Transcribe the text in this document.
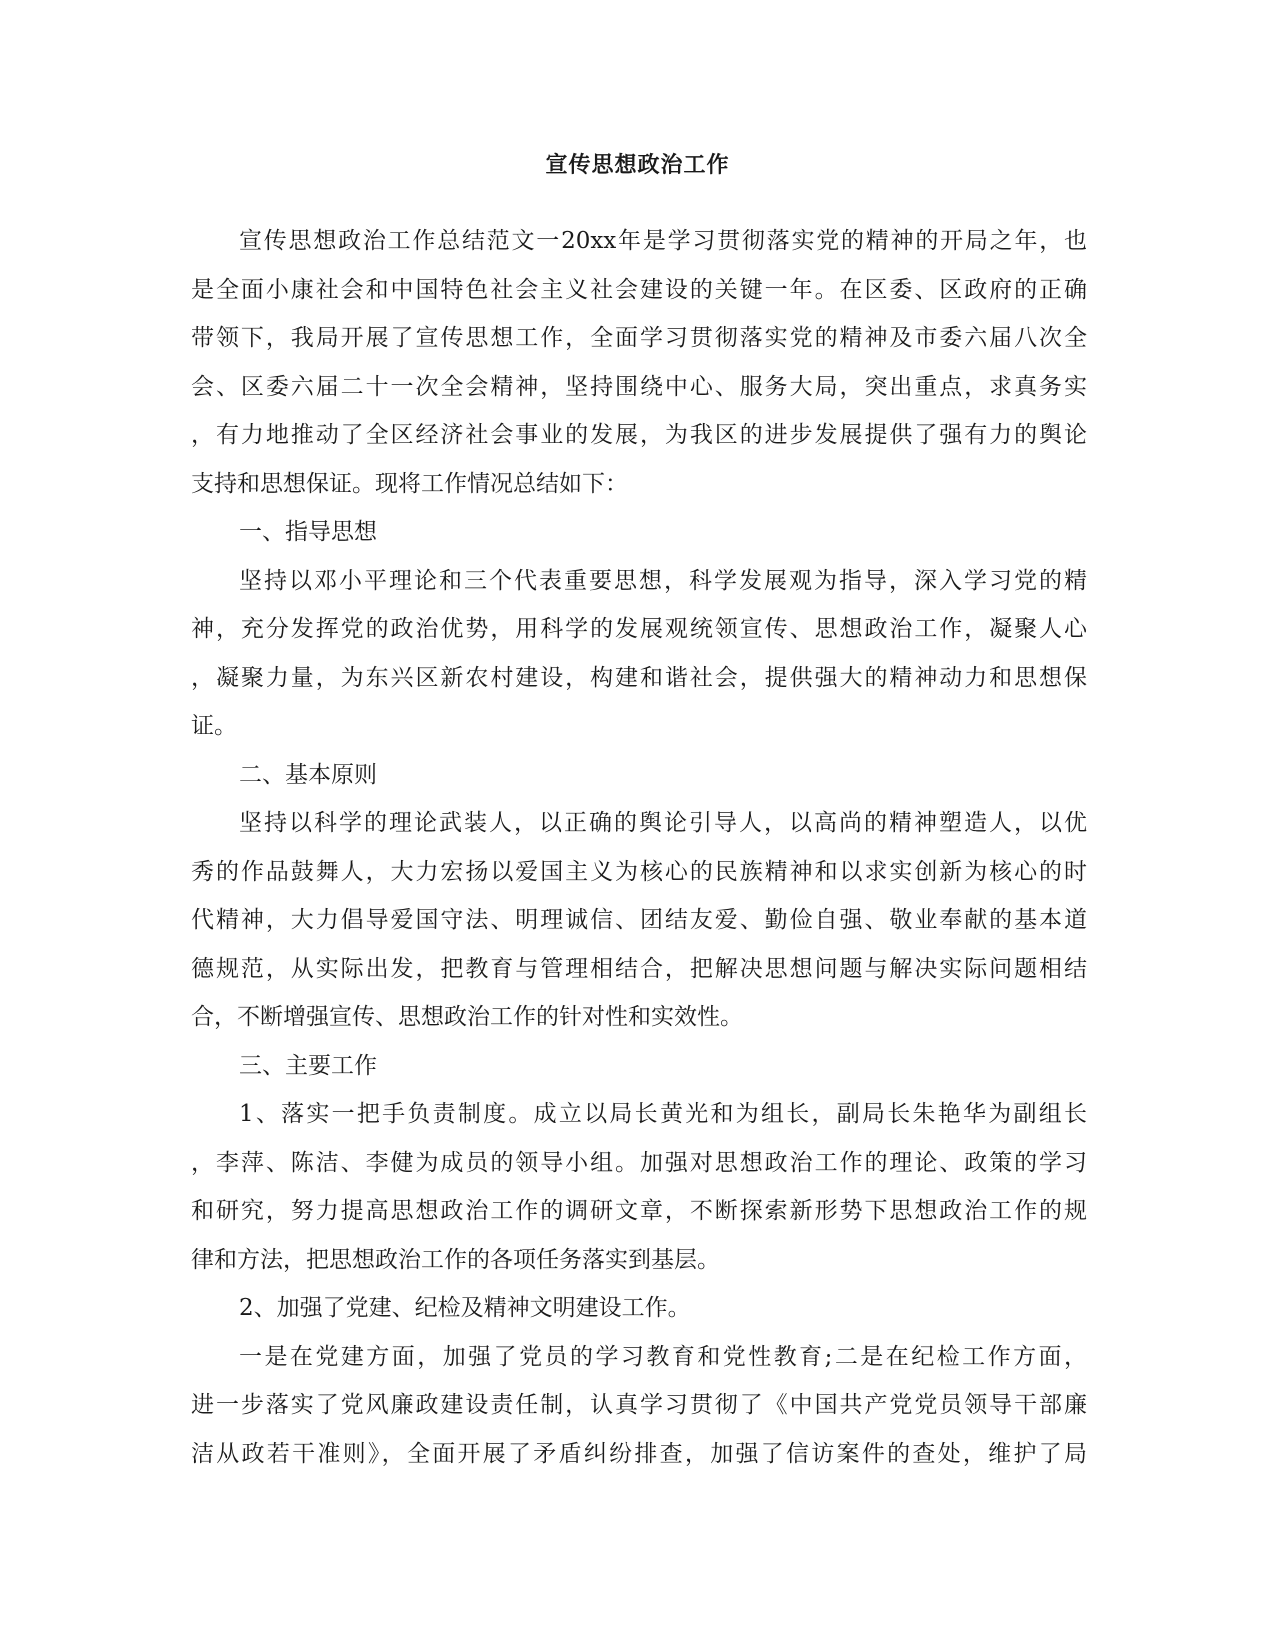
宣传思想政治工作
宣传思想政治工作总结范文一20xx年是学习贯彻落实党的精神的开局之年，也
是全面小康社会和中国特色社会主义社会建设的关键一年。在区委、区政府的正确
带领下，我局开展了宣传思想工作，全面学习贯彻落实党的精神及市委六届八次全
会、区委六届二十一次全会精神，坚持围绕中心、服务大局，突出重点，求真务实
，有力地推动了全区经济社会事业的发展，为我区的进步发展提供了强有力的舆论
支持和思想保证。现将工作情况总结如下：
一、指导思想
坚持以邓小平理论和三个代表重要思想，科学发展观为指导，深入学习党的精
神，充分发挥党的政治优势，用科学的发展观统领宣传、思想政治工作，凝聚人心
，凝聚力量，为东兴区新农村建设，构建和谐社会，提供强大的精神动力和思想保
证。
二、基本原则
坚持以科学的理论武装人，以正确的舆论引导人，以高尚的精神塑造人，以优
秀的作品鼓舞人，大力宏扬以爱国主义为核心的民族精神和以求实创新为核心的时
代精神，大力倡导爱国守法、明理诚信、团结友爱、勤俭自强、敬业奉献的基本道
德规范，从实际出发，把教育与管理相结合，把解决思想问题与解决实际问题相结
合，不断增强宣传、思想政治工作的针对性和实效性。
三、主要工作
1、落实一把手负责制度。成立以局长黄光和为组长，副局长朱艳华为副组长
，李萍、陈洁、李健为成员的领导小组。加强对思想政治工作的理论、政策的学习
和研究，努力提高思想政治工作的调研文章，不断探索新形势下思想政治工作的规
律和方法，把思想政治工作的各项任务落实到基层。
2、加强了党建、纪检及精神文明建设工作。
一是在党建方面，加强了党员的学习教育和党性教育;二是在纪检工作方面，
进一步落实了党风廉政建设责任制，认真学习贯彻了《中国共产党党员领导干部廉
洁从政若干准则》，全面开展了矛盾纠纷排查，加强了信访案件的查处，维护了局
